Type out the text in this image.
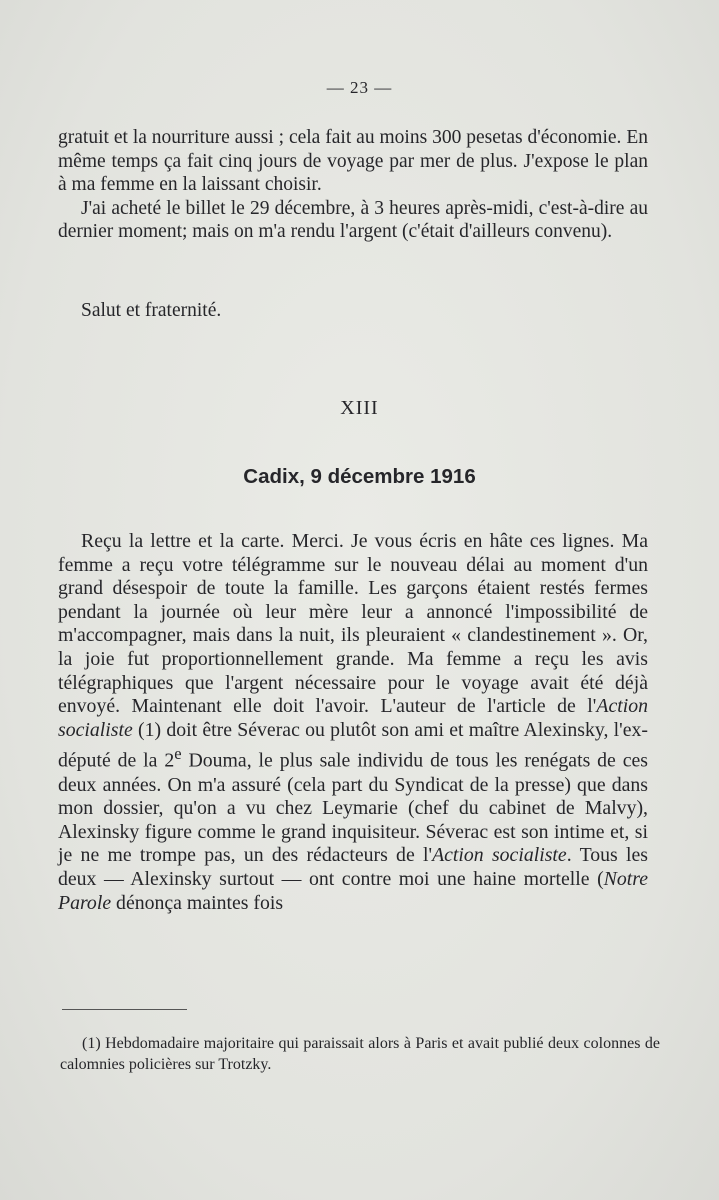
— 23 —

gratuit et la nourriture aussi ; cela fait au moins 300 pesetas d'économie. En même temps ça fait cinq jours de voyage par mer de plus. J'expose le plan à ma femme en la laissant choisir.

J'ai acheté le billet le 29 décembre, à 3 heures après-midi, c'est-à-dire au dernier moment; mais on m'a rendu l'argent (c'était d'ailleurs convenu).

Salut et fraternité.
XIII
Cadix, 9 décembre 1916

Reçu la lettre et la carte. Merci. Je vous écris en hâte ces lignes. Ma femme a reçu votre télégramme sur le nouveau délai au moment d'un grand désespoir de toute la famille. Les garçons étaient restés fermes pendant la journée où leur mère leur a annoncé l'impossibilité de m'accompagner, mais dans la nuit, ils pleuraient « clandestinement ». Or, la joie fut proportionnellement grande. Ma femme a reçu les avis télégraphiques que l'argent nécessaire pour le voyage avait été déjà envoyé. Maintenant elle doit l'avoir. L'auteur de l'article de l'Action socialiste (1) doit être Séverac ou plutôt son ami et maître Alexinsky, l'ex-député de la 2e Douma, le plus sale individu de tous les renégats de ces deux années. On m'a assuré (cela part du Syndicat de la presse) que dans mon dossier, qu'on a vu chez Leymarie (chef du cabinet de Malvy), Alexinsky figure comme le grand inquisiteur. Séverac est son intime et, si je ne me trompe pas, un des rédacteurs de l'Action socialiste. Tous les deux — Alexinsky surtout — ont contre moi une haine mortelle (Notre Parole dénonça maintes fois

(1) Hebdomadaire majoritaire qui paraissait alors à Paris et avait publié deux colonnes de calomnies policières sur Trotzky.
